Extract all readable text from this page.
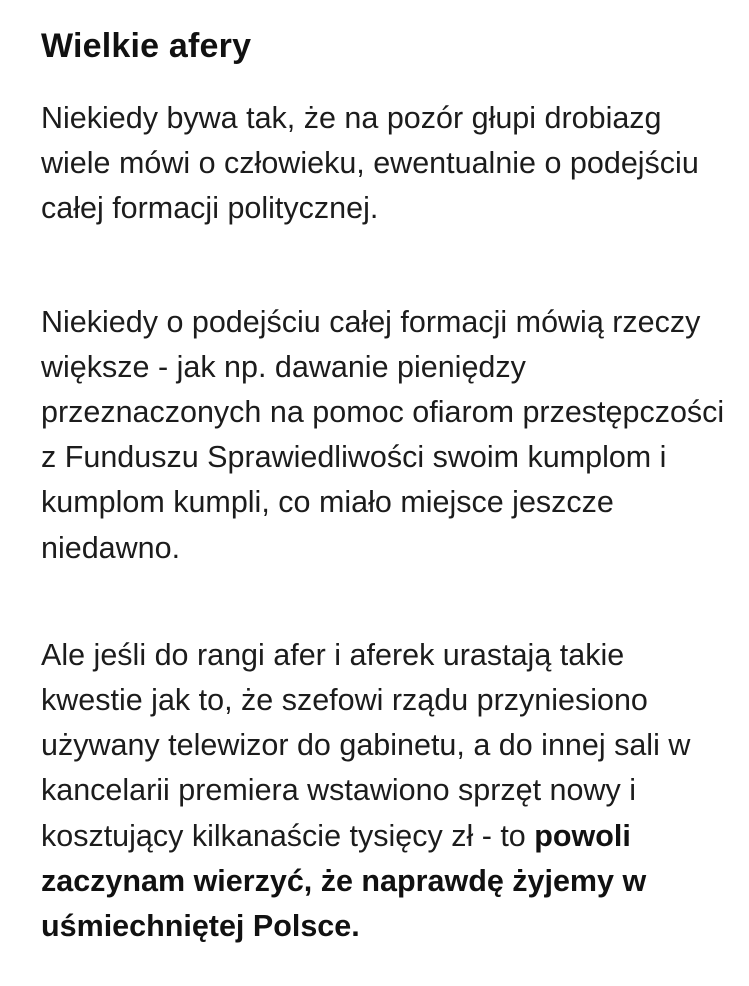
Wielkie afery

Niekiedy bywa tak, że na pozór głupi drobiazg wiele mówi o człowieku, ewentualnie o podejściu całej formacji politycznej.

Niekiedy o podejściu całej formacji mówią rzeczy większe - jak np. dawanie pieniędzy przeznaczonych na pomoc ofiarom przestępczości z Funduszu Sprawiedliwości swoim kumplom i kumplom kumpli, co miało miejsce jeszcze niedawno.

Ale jeśli do rangi afer i aferek urastają takie kwestie jak to, że szefowi rządu przyniesiono używany telewizor do gabinetu, a do innej sali w kancelarii premiera wstawiono sprzęt nowy i kosztujący kilkanaście tysięcy zł - to powoli zaczynam wierzyć, że naprawdę żyjemy w uśmiechniętej Polsce.
